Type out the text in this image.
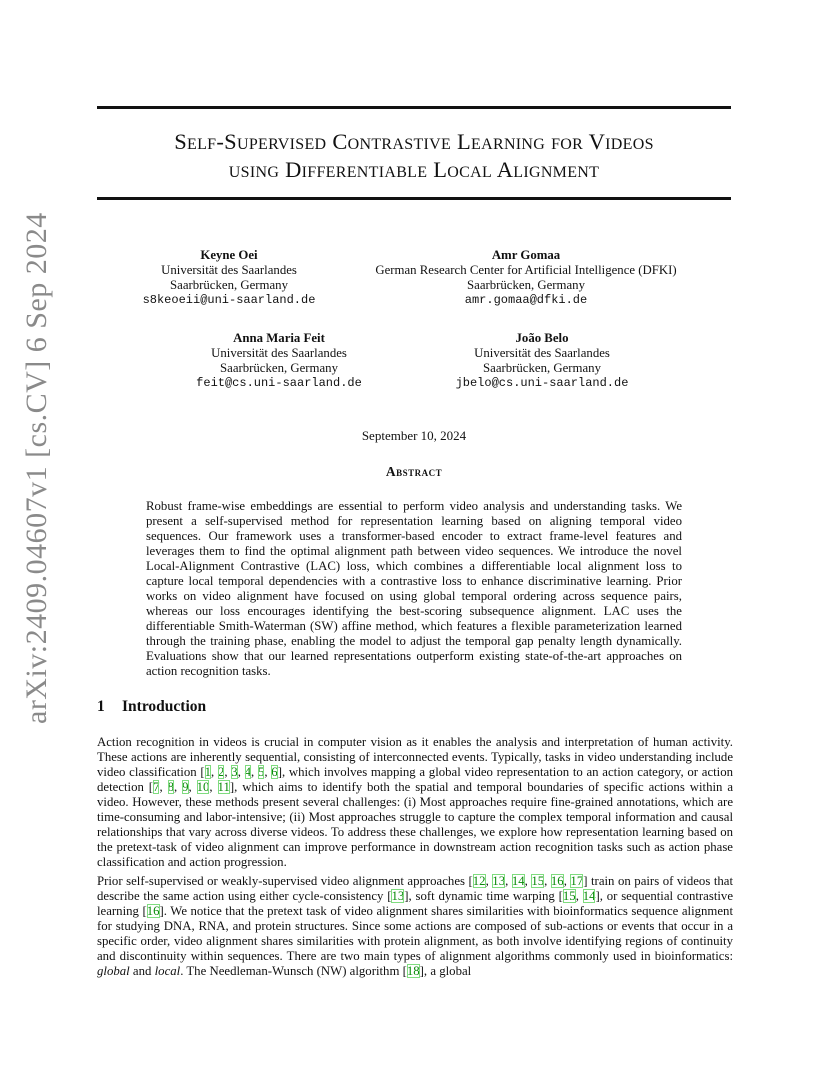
arXiv:2409.04607v1 [cs.CV] 6 Sep 2024
Self-Supervised Contrastive Learning for Videos
using Differentiable Local Alignment
Keyne Oei
Universität des Saarlandes
Saarbrücken, Germany
s8keoeii@uni-saarland.de
Amr Gomaa
German Research Center for Artificial Intelligence (DFKI)
Saarbrücken, Germany
amr.gomaa@dfki.de
Anna Maria Feit
Universität des Saarlandes
Saarbrücken, Germany
feit@cs.uni-saarland.de
João Belo
Universität des Saarlandes
Saarbrücken, Germany
jbelo@cs.uni-saarland.de
September 10, 2024
Abstract
Robust frame-wise embeddings are essential to perform video analysis and understanding tasks. We present a self-supervised method for representation learning based on aligning temporal video sequences. Our framework uses a transformer-based encoder to extract frame-level features and leverages them to find the optimal alignment path between video sequences. We introduce the novel Local-Alignment Contrastive (LAC) loss, which combines a differentiable local alignment loss to capture local temporal dependencies with a contrastive loss to enhance discriminative learning. Prior works on video alignment have focused on using global temporal ordering across sequence pairs, whereas our loss encourages identifying the best-scoring subsequence alignment. LAC uses the differentiable Smith-Waterman (SW) affine method, which features a flexible parameterization learned through the training phase, enabling the model to adjust the temporal gap penalty length dynamically. Evaluations show that our learned representations outperform existing state-of-the-art approaches on action recognition tasks.
1 Introduction
Action recognition in videos is crucial in computer vision as it enables the analysis and interpretation of human activity. These actions are inherently sequential, consisting of interconnected events. Typically, tasks in video understanding include video classification [1, 2, 3, 4, 5, 6], which involves mapping a global video representation to an action category, or action detection [7, 8, 9, 10, 11], which aims to identify both the spatial and temporal boundaries of specific actions within a video. However, these methods present several challenges: (i) Most approaches require fine-grained annotations, which are time-consuming and labor-intensive; (ii) Most approaches struggle to capture the complex temporal information and causal relationships that vary across diverse videos. To address these challenges, we explore how representation learning based on the pretext-task of video alignment can improve performance in downstream action recognition tasks such as action phase classification and action progression.
Prior self-supervised or weakly-supervised video alignment approaches [12, 13, 14, 15, 16, 17] train on pairs of videos that describe the same action using either cycle-consistency [13], soft dynamic time warping [15, 14], or sequential contrastive learning [16]. We notice that the pretext task of video alignment shares similarities with bioinformatics sequence alignment for studying DNA, RNA, and protein structures. Since some actions are composed of sub-actions or events that occur in a specific order, video alignment shares similarities with protein alignment, as both involve identifying regions of continuity and discontinuity within sequences. There are two main types of alignment algorithms commonly used in bioinformatics: global and local. The Needleman-Wunsch (NW) algorithm [18], a global
